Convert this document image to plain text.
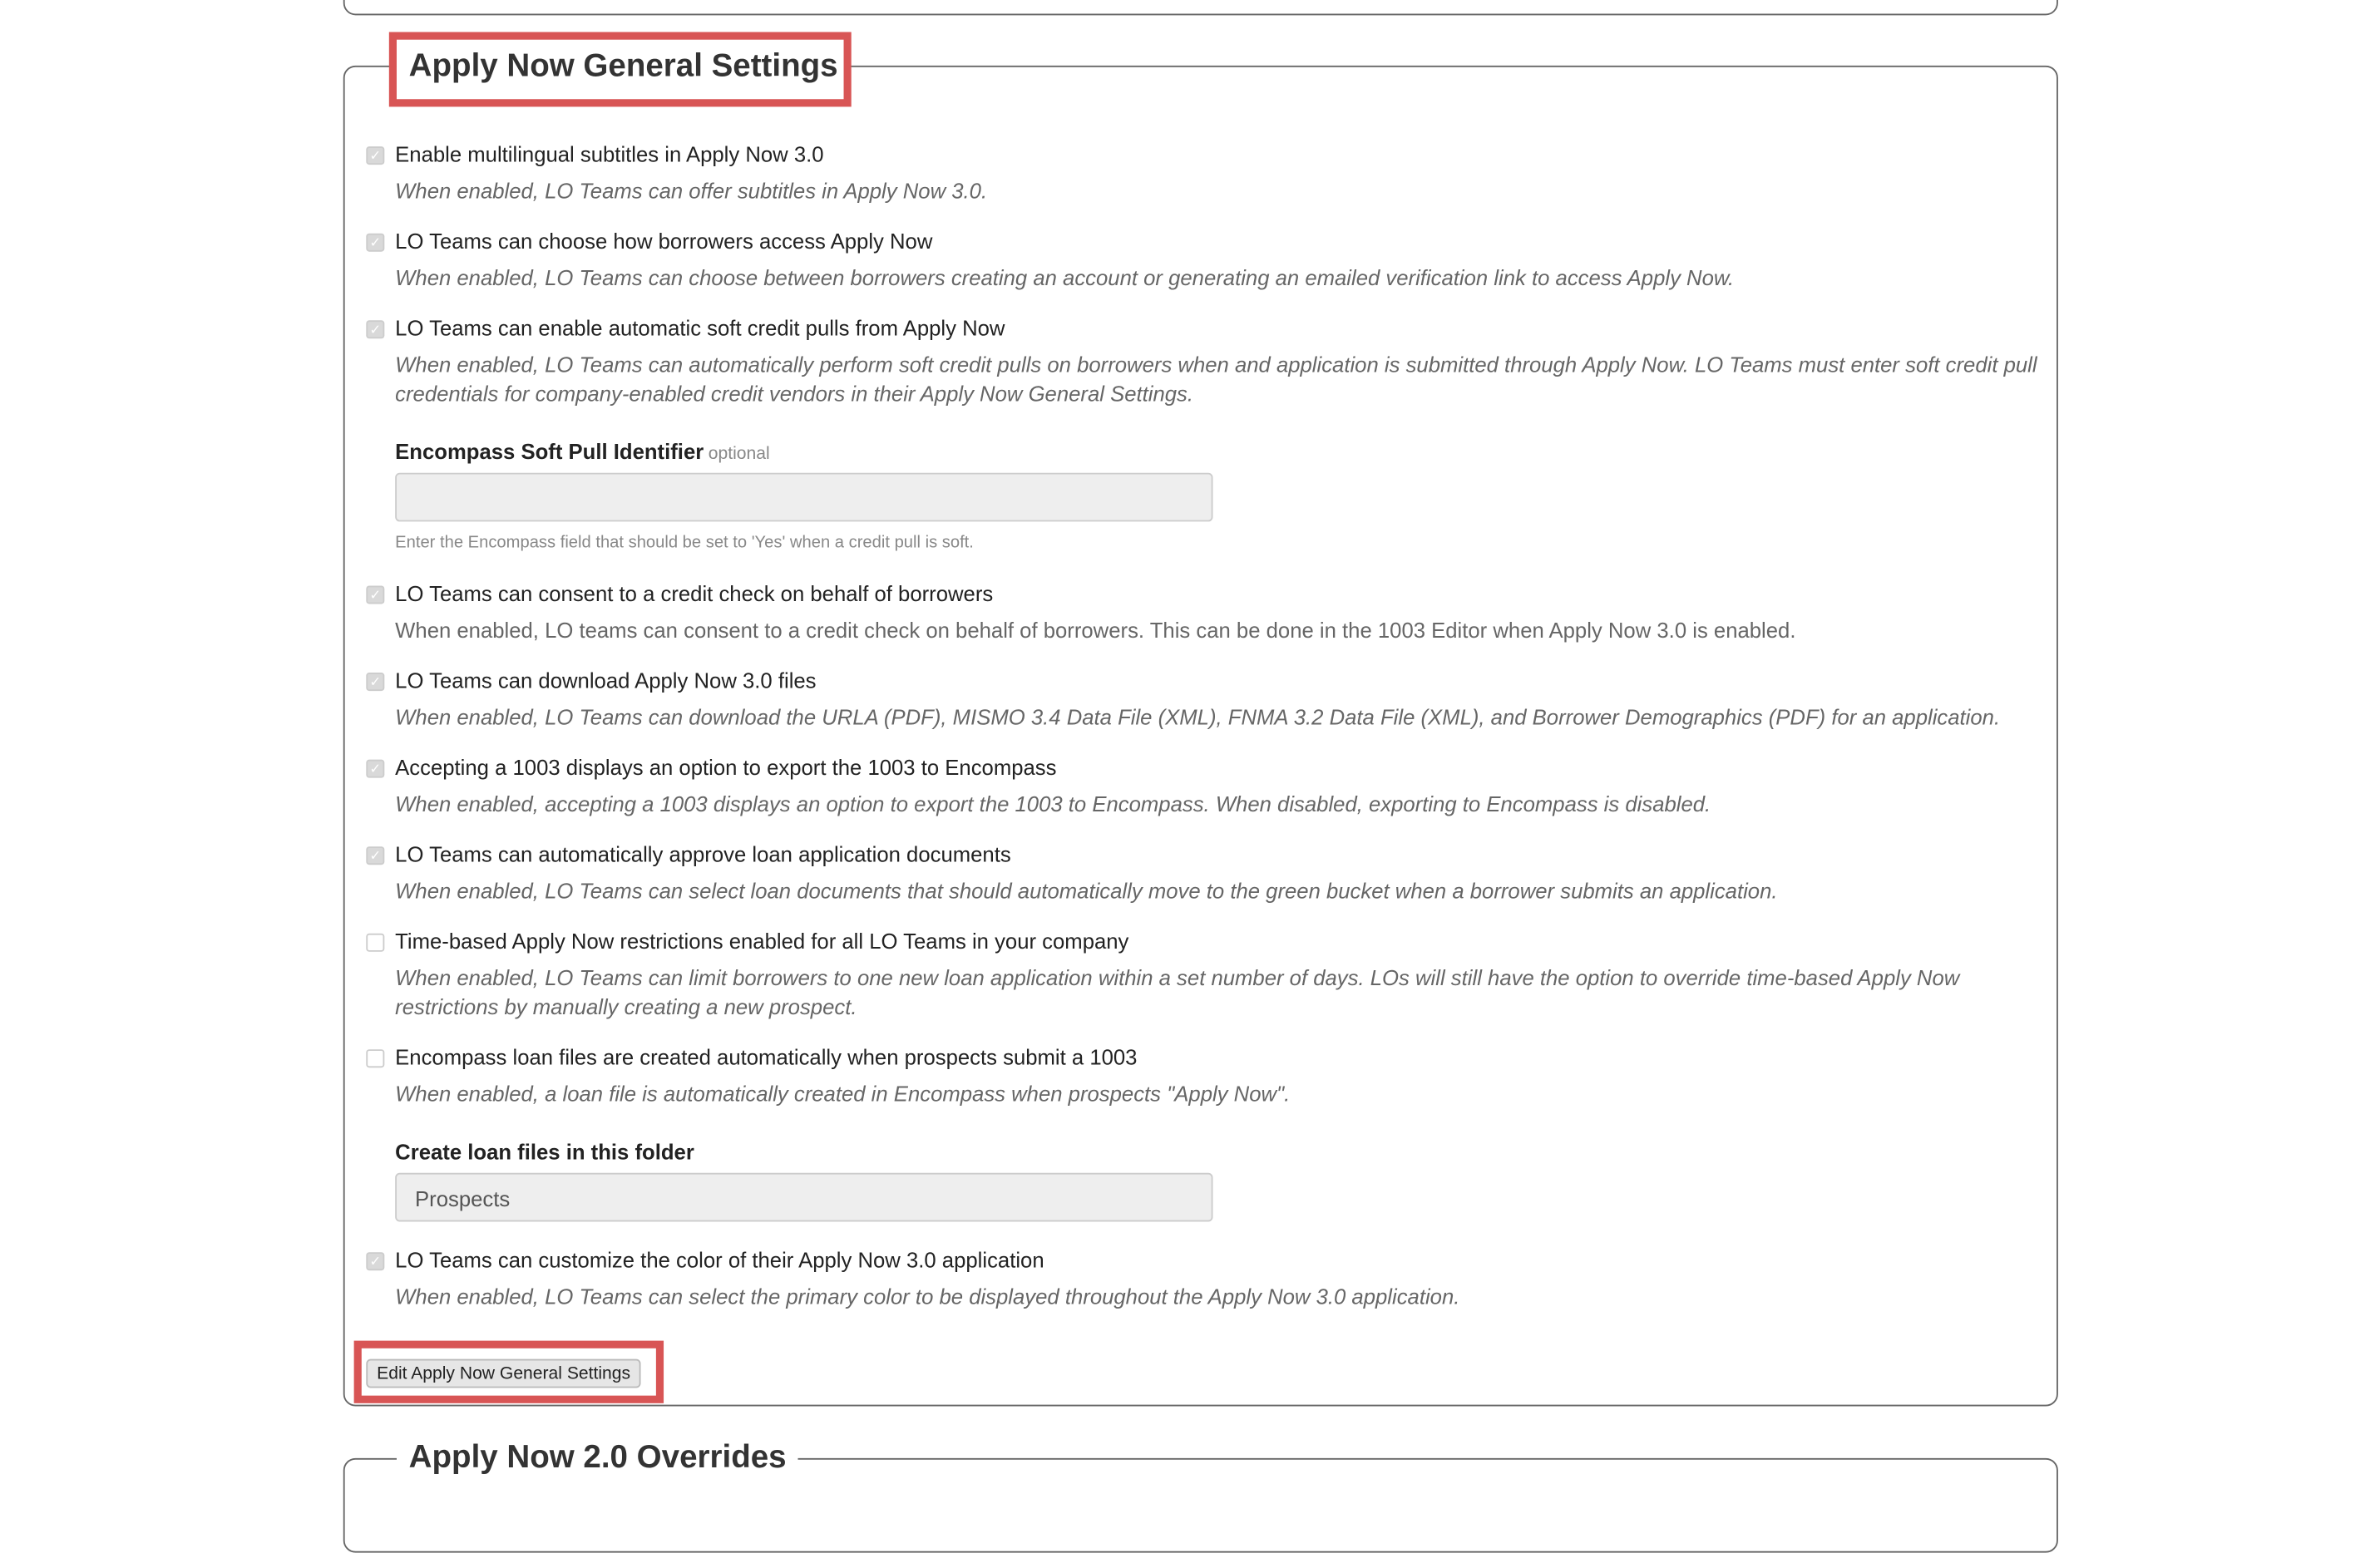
Apply Now General Settings
✓ Enable multilingual subtitles in Apply Now 3.0
When enabled, LO Teams can offer subtitles in Apply Now 3.0.
✓ LO Teams can choose how borrowers access Apply Now
When enabled, LO Teams can choose between borrowers creating an account or generating an emailed verification link to access Apply Now.
✓ LO Teams can enable automatic soft credit pulls from Apply Now
When enabled, LO Teams can automatically perform soft credit pulls on borrowers when and application is submitted through Apply Now. LO Teams must enter soft credit pull
credentials for company-enabled credit vendors in their Apply Now General Settings.
Encompass Soft Pull Identifier optional
Enter the Encompass field that should be set to 'Yes' when a credit pull is soft.
✓ LO Teams can consent to a credit check on behalf of borrowers
When enabled, LO teams can consent to a credit check on behalf of borrowers. This can be done in the 1003 Editor when Apply Now 3.0 is enabled.
✓ LO Teams can download Apply Now 3.0 files
When enabled, LO Teams can download the URLA (PDF), MISMO 3.4 Data File (XML), FNMA 3.2 Data File (XML), and Borrower Demographics (PDF) for an application.
✓ Accepting a 1003 displays an option to export the 1003 to Encompass
When enabled, accepting a 1003 displays an option to export the 1003 to Encompass. When disabled, exporting to Encompass is disabled.
✓ LO Teams can automatically approve loan application documents
When enabled, LO Teams can select loan documents that should automatically move to the green bucket when a borrower submits an application.
Time-based Apply Now restrictions enabled for all LO Teams in your company
When enabled, LO Teams can limit borrowers to one new loan application within a set number of days. LOs will still have the option to override time-based Apply Now
restrictions by manually creating a new prospect.
Encompass loan files are created automatically when prospects submit a 1003
When enabled, a loan file is automatically created in Encompass when prospects "Apply Now".
Create loan files in this folder
Prospects
✓ LO Teams can customize the color of their Apply Now 3.0 application
When enabled, LO Teams can select the primary color to be displayed throughout the Apply Now 3.0 application.
Edit Apply Now General Settings
Apply Now 2.0 Overrides
